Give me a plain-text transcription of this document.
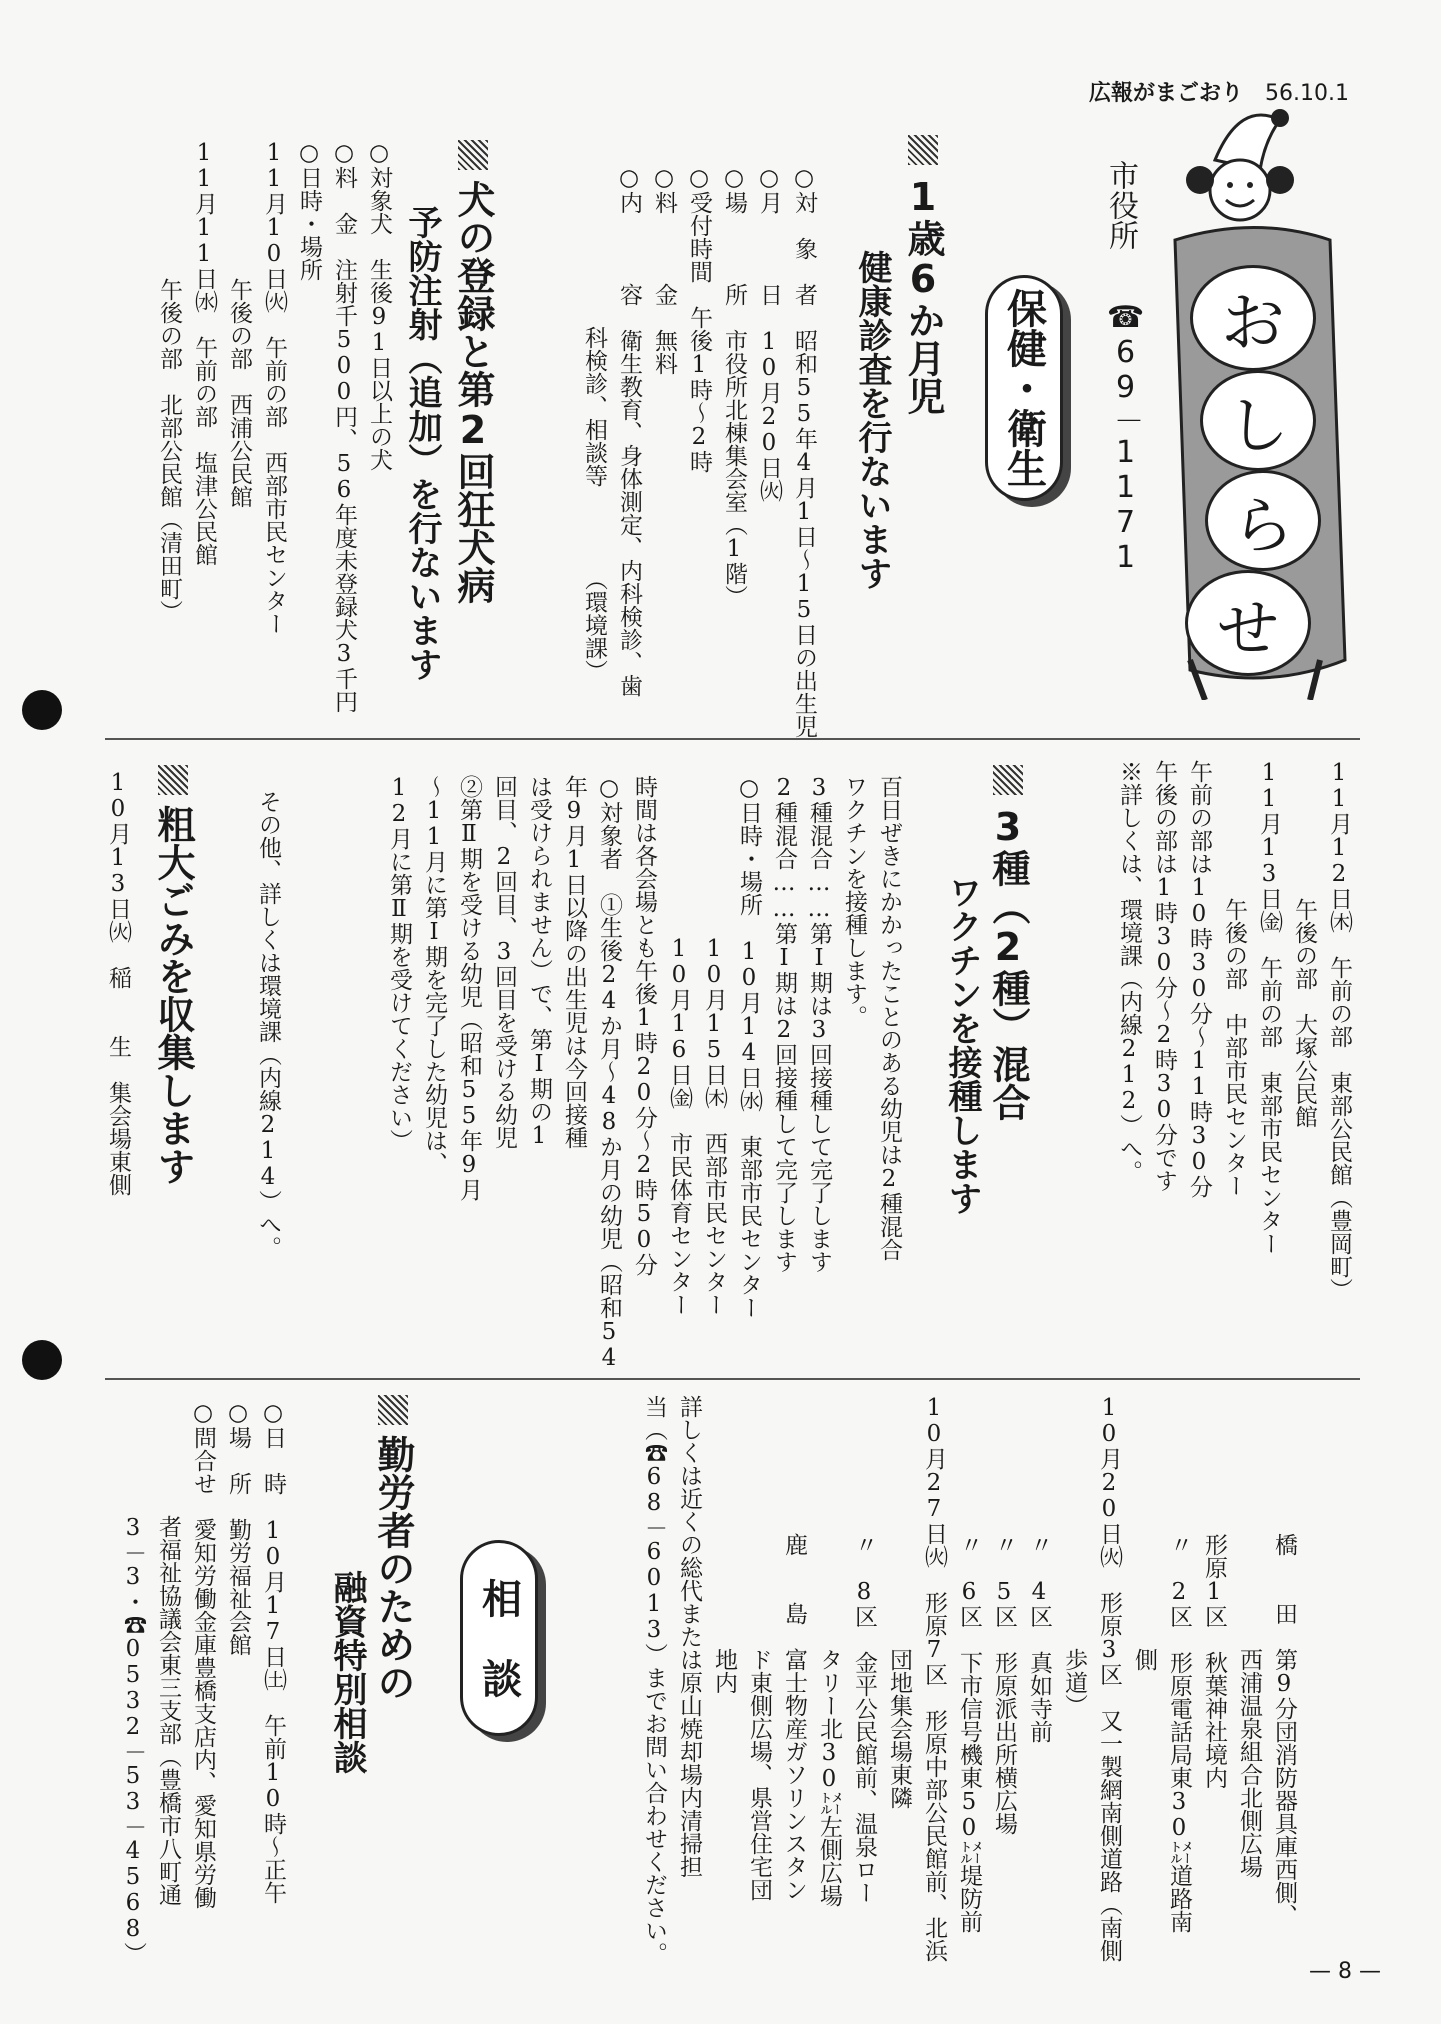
広報がまごおり 56.10.1
お
し
ら
せ
市役所
☎69－1171
保健・衛生
1歳6か月児
健康診査を行ないます
○対　象　者　昭和55年4月1日～15日の出生児
○月　　　日　10月20日㈫
○場　　　所　市役所北棟集会室（1階）
○受付時間　午後1時～2時
○料　　　金　無料
○内　　　容　衛生教育、身体測定、内科検診、歯
　　　　　　　科検診、相談等　　　　（環境課）
犬の登録と第2回狂犬病
予防注射（追加）を行ないます
○対象犬　生後91日以上の犬
○料　金　注射千500円、56年度未登録犬3千円
○日時・場所
11月10日㈫　午前の部　西部市民センター
　　　　　　午後の部　西浦公民館
11月11日㈬　午前の部　塩津公民館
　　　　　　午後の部　北部公民館（清田町）
11月12日㈭　午前の部　東部公民館（豊岡町）
　　　　　　午後の部　大塚公民館
11月13日㈮　午前の部　東部市民センター
　　　　　　午後の部　中部市民センター
午前の部は10時30分～11時30分
午後の部は1時30分～2時30分です
※詳しくは、環境課（内線212）へ。
3種（2種）混合
ワクチンを接種します
百日ぜきにかかったことのある幼児は2種混合
ワクチンを接種します。
3種混合……第Ⅰ期は3回接種して完了します
2種混合……第Ⅰ期は2回接種して完了します
○日時・場所　10月14日㈬　東部市民センター
　　　　　　　10月15日㈭　西部市民センター
　　　　　　　10月16日㈮　市民体育センター
時間は各会場とも午後1時20分～2時50分
○対象者　①生後24か月～48か月の幼児（昭和54
年9月1日以降の出生児は今回接種
は受けられません）で、第Ⅰ期の1
回目、2回目、3回目を受ける幼児
②第Ⅱ期を受ける幼児（昭和55年9月
～11月に第Ⅰ期を完了した幼児は、
12月に第Ⅱ期を受けてください）
その他、詳しくは環境課（内線214）へ。
粗大ごみを収集します
10月13日㈫　稲　　生　集会場東側
　　　　　　橋　　田　第9分団消防器具庫西側、
　　　　　　　　　　　西浦温泉組合北側広場
　　　　　　形原1区　秋葉神社境内
　　　　　　〃　2区　形原電話局東30㍍道路南
　　　　　　　　　　　側
10月20日㈫　形原3区　又一製網南側道路（南側
　　　　　　　　　　　歩道）
　　　　　　〃　4区　真如寺前
　　　　　　〃　5区　形原派出所横広場
　　　　　　〃　6区　下市信号機東50㍍堤防前
10月27日㈫　形原7区　形原中部公民館前、北浜
　　　　　　　　　　　団地集会場東隣
　　　　　　〃　8区　金平公民館前、温泉ロー
　　　　　　　　　　　タリー北30㍍左側広場
　　　　　　鹿　　島　富士物産ガソリンスタン
　　　　　　　　　　　ド東側広場、県営住宅団
　　　　　　　　　　　地内
詳しくは近くの総代または原山焼却場内清掃担
当（☎68－6013）までお問い合わせください。
相　談
勤労者のための
融資特別相談
○日　時　10月17日㈯　午前10時～正午
○場　所　勤労福祉会館
○問合せ　愛知労働金庫豊橋支店内、愛知県労働
　　　　　者福祉協議会東三支部（豊橋市八町通
　　　　　3－3・☎0532－53－4568）
— 8 —
